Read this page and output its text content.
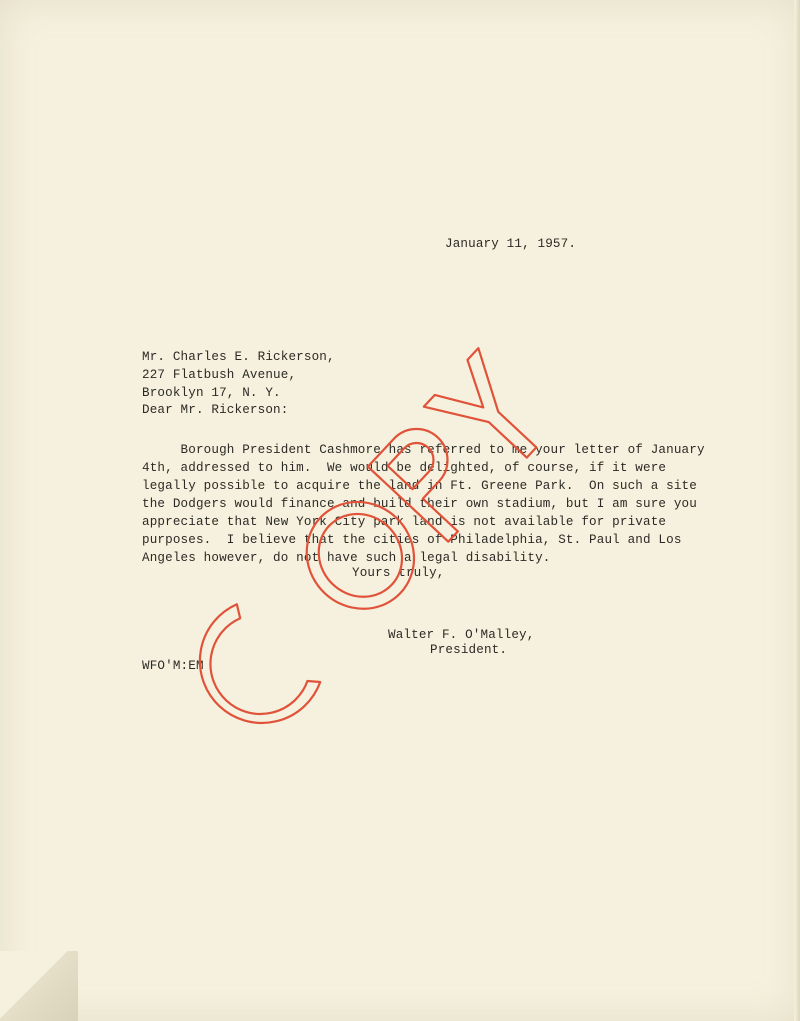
January 11, 1957.
Mr. Charles E. Rickerson,
227 Flatbush Avenue,
Brooklyn 17, N. Y.
Dear Mr. Rickerson:
Borough President Cashmore has referred to me your letter of January
4th, addressed to him.  We would be delighted, of course, if it were
legally possible to acquire the land in Ft. Greene Park.  On such a site
the Dodgers would finance and build their own stadium, but I am sure you
appreciate that New York City park land is not available for private
purposes.  I believe that the cities of Philadelphia, St. Paul and Los
Angeles however, do not have such a legal disability.
Yours truly,
Walter F. O'Malley,
President.
WFO'M:EM
